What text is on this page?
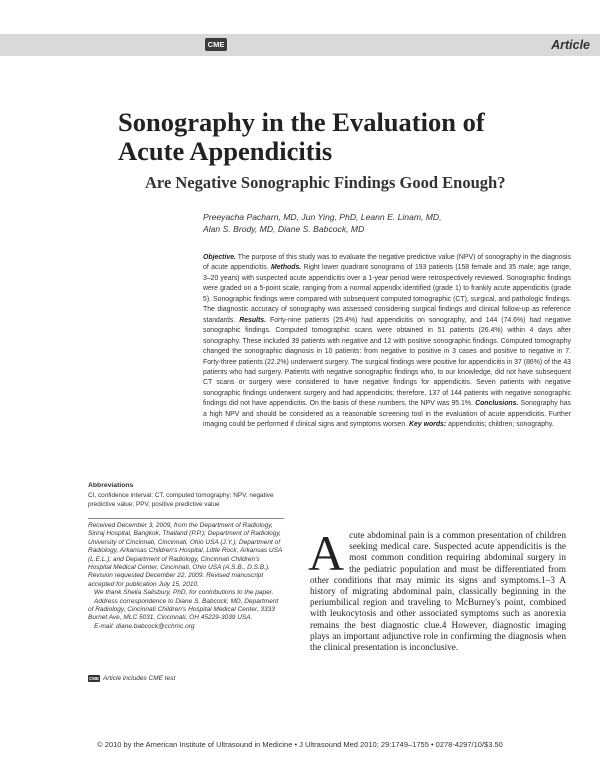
CME	Article
Sonography in the Evaluation of Acute Appendicitis
Are Negative Sonographic Findings Good Enough?
Preeyacha Pacharn, MD, Jun Ying, PhD, Leann E. Linam, MD,
Alan S. Brody, MD, Diane S. Babcock, MD
Objective. The purpose of this study was to evaluate the negative predictive value (NPV) of sonography in the diagnosis of acute appendicitis. Methods. Right lower quadrant sonograms of 193 patients (158 female and 35 male; age range, 3–20 years) with suspected acute appendicitis over a 1-year period were retrospectively reviewed. Sonographic findings were graded on a 5-point scale, ranging from a normal appendix identified (grade 1) to frankly acute appendicitis (grade 5). Sonographic findings were compared with subsequent computed tomographic (CT), surgical, and pathologic findings. The diagnostic accuracy of sonography was assessed considering surgical findings and clinical follow-up as reference standards. Results. Forty-nine patients (25.4%) had appendicitis on sonography, and 144 (74.6%) had negative sonographic findings. Computed tomographic scans were obtained in 51 patients (26.4%) within 4 days after sonography. These included 39 patients with negative and 12 with positive sonographic findings. Computed tomography changed the sonographic diagnosis in 10 patients: from negative to positive in 3 cases and positive to negative in 7. Forty-three patients (22.2%) underwent surgery. The surgical findings were positive for appendicitis in 37 (86%) of the 43 patients who had surgery. Patients with negative sonographic findings who, to our knowledge, did not have subsequent CT scans or surgery were considered to have negative findings for appendicitis. Seven patients with negative sonographic findings underwent surgery and had appendicitis; therefore, 137 of 144 patients with negative sonographic findings did not have appendicitis. On the basis of these numbers, the NPV was 95.1%. Conclusions. Sonography has a high NPV and should be considered as a reasonable screening tool in the evaluation of acute appendicitis. Further imaging could be performed if clinical signs and symptoms worsen. Key words: appendicitis; children; sonography.
Abbreviations
CI, confidence interval; CT, computed tomography; NPV, negative predictive value; PPV, positive predictive value

Received December 3, 2009, from the Department of Radiology, Siriraj Hospital, Bangkok, Thailand (P.P.); Department of Radiology, University of Cincinnati, Cincinnati, Ohio USA (J.Y.); Department of Radiology, Arkansas Children's Hospital, Little Rock, Arkansas USA (L.E.L.); and Department of Radiology, Cincinnati Children's Hospital Medical Center, Cincinnati, Ohio USA (A.S.B., D.S.B.). Revision requested December 22, 2009. Revised manuscript accepted for publication July 15, 2010.

We thank Shelia Salisbury, PhD, for contributions to the paper.

Address correspondence to Diane S. Babcock, MD, Department of Radiology, Cincinnati Children's Hospital Medical Center, 3333 Burnet Ave, MLC 5031, Cincinnati, OH 45229-3039 USA.

E-mail: diane.babcock@cchmc.org

CME Article includes CME test
Acute abdominal pain is a common presentation of children seeking medical care. Suspected acute appendicitis is the most common condition requiring abdominal surgery in the pediatric population and must be differentiated from other conditions that may mimic its signs and symptoms.1–3 A history of migrating abdominal pain, classically beginning in the periumbilical region and traveling to McBurney's point, combined with leukocytosis and other associated symptoms such as anorexia remains the best diagnostic clue.4 However, diagnostic imaging plays an important adjunctive role in confirming the diagnosis when the clinical presentation is inconclusive.
© 2010 by the American Institute of Ultrasound in Medicine • J Ultrasound Med 2010; 29:1749–1755 • 0278-4297/10/$3.50
